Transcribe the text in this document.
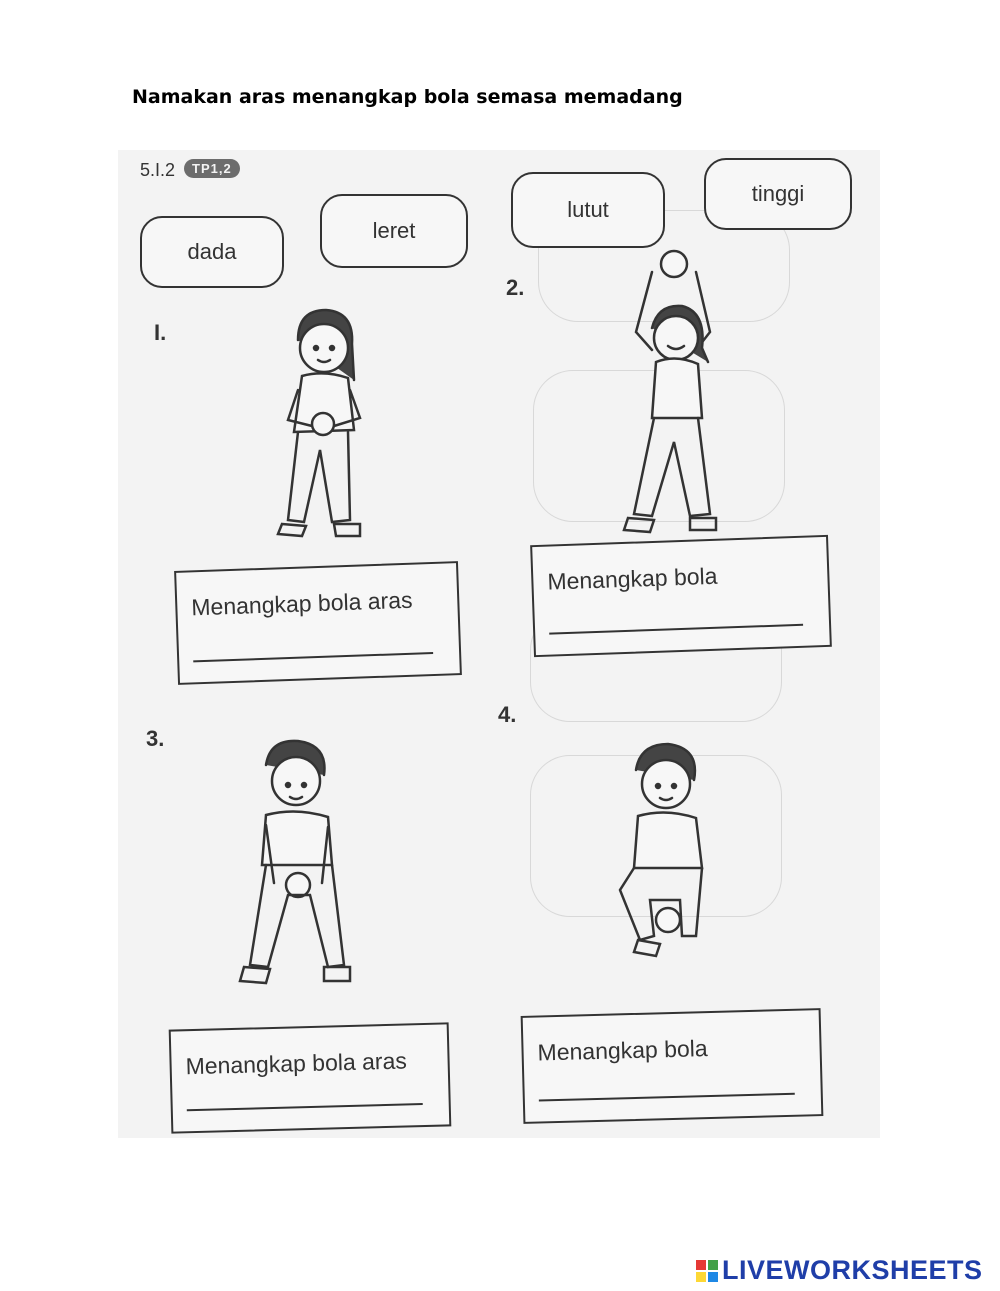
Namakan aras menangkap bola semasa memadang
5.I.2	TP1,2
dada
leret
lutut
tinggi
I.
2.
3.
4.
Menangkap bola aras
Menangkap bola
Menangkap bola aras	Menangkap bola
LIVEWORKSHEETS
